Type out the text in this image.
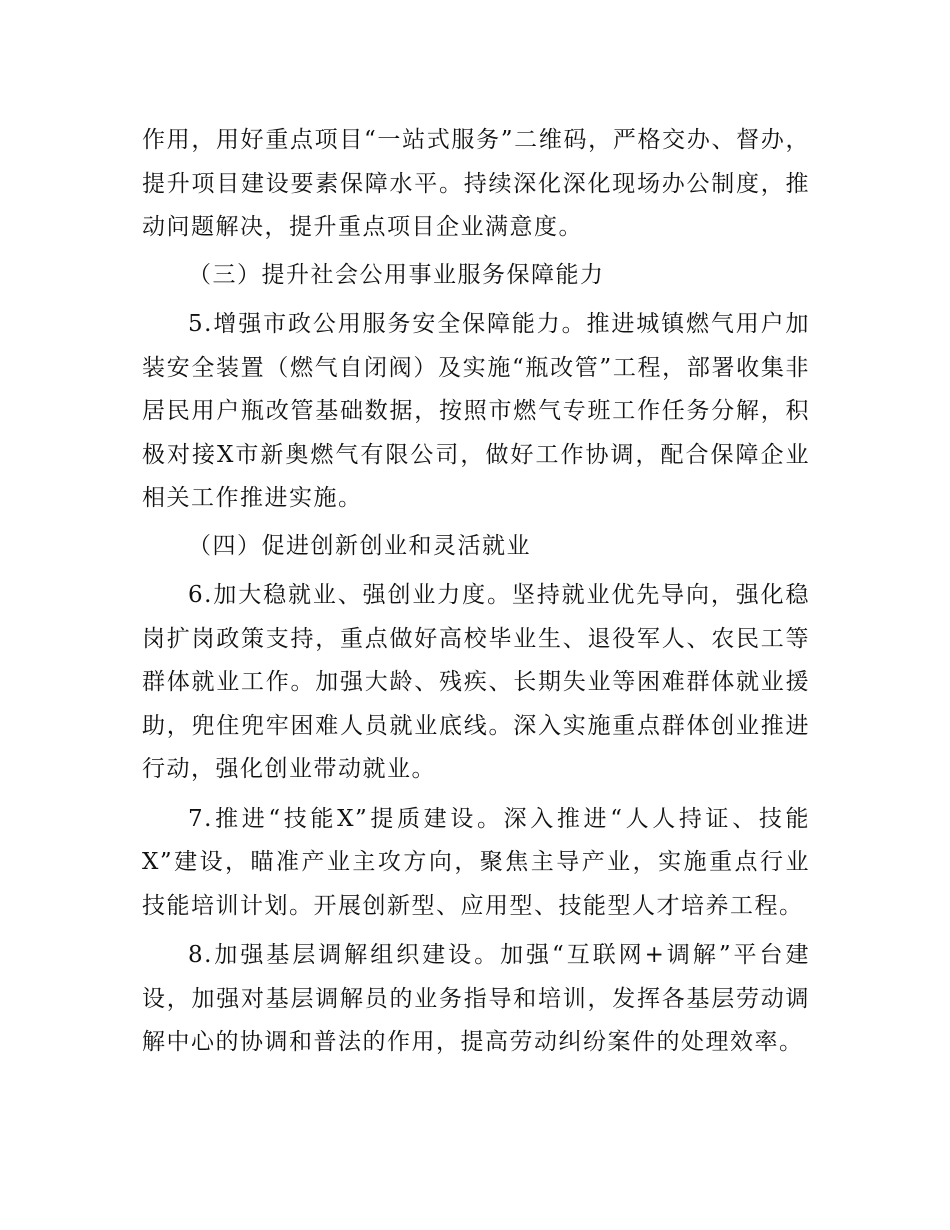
作用，用好重点项目“一站式服务”二维码，严格交办、督办，提升项目建设要素保障水平。持续深化深化现场办公制度，推动问题解决，提升重点项目企业满意度。

（三）提升社会公用事业服务保障能力

5.增强市政公用服务安全保障能力。推进城镇燃气用户加装安全装置（燃气自闭阀）及实施“瓶改管”工程，部署收集非居民用户瓶改管基础数据，按照市燃气专班工作任务分解，积极对接X市新奥燃气有限公司，做好工作协调，配合保障企业相关工作推进实施。

（四）促进创新创业和灵活就业

6.加大稳就业、强创业力度。坚持就业优先导向，强化稳岗扩岗政策支持，重点做好高校毕业生、退役军人、农民工等群体就业工作。加强大龄、残疾、长期失业等困难群体就业援助，兜住兜牢困难人员就业底线。深入实施重点群体创业推进行动，强化创业带动就业。

7.推进“技能X”提质建设。深入推进“人人持证、技能X”建设，瞄准产业主攻方向，聚焦主导产业，实施重点行业技能培训计划。开展创新型、应用型、技能型人才培养工程。

8.加强基层调解组织建设。加强“互联网+调解”平台建设，加强对基层调解员的业务指导和培训，发挥各基层劳动调解中心的协调和普法的作用，提高劳动纠纷案件的处理效率。
